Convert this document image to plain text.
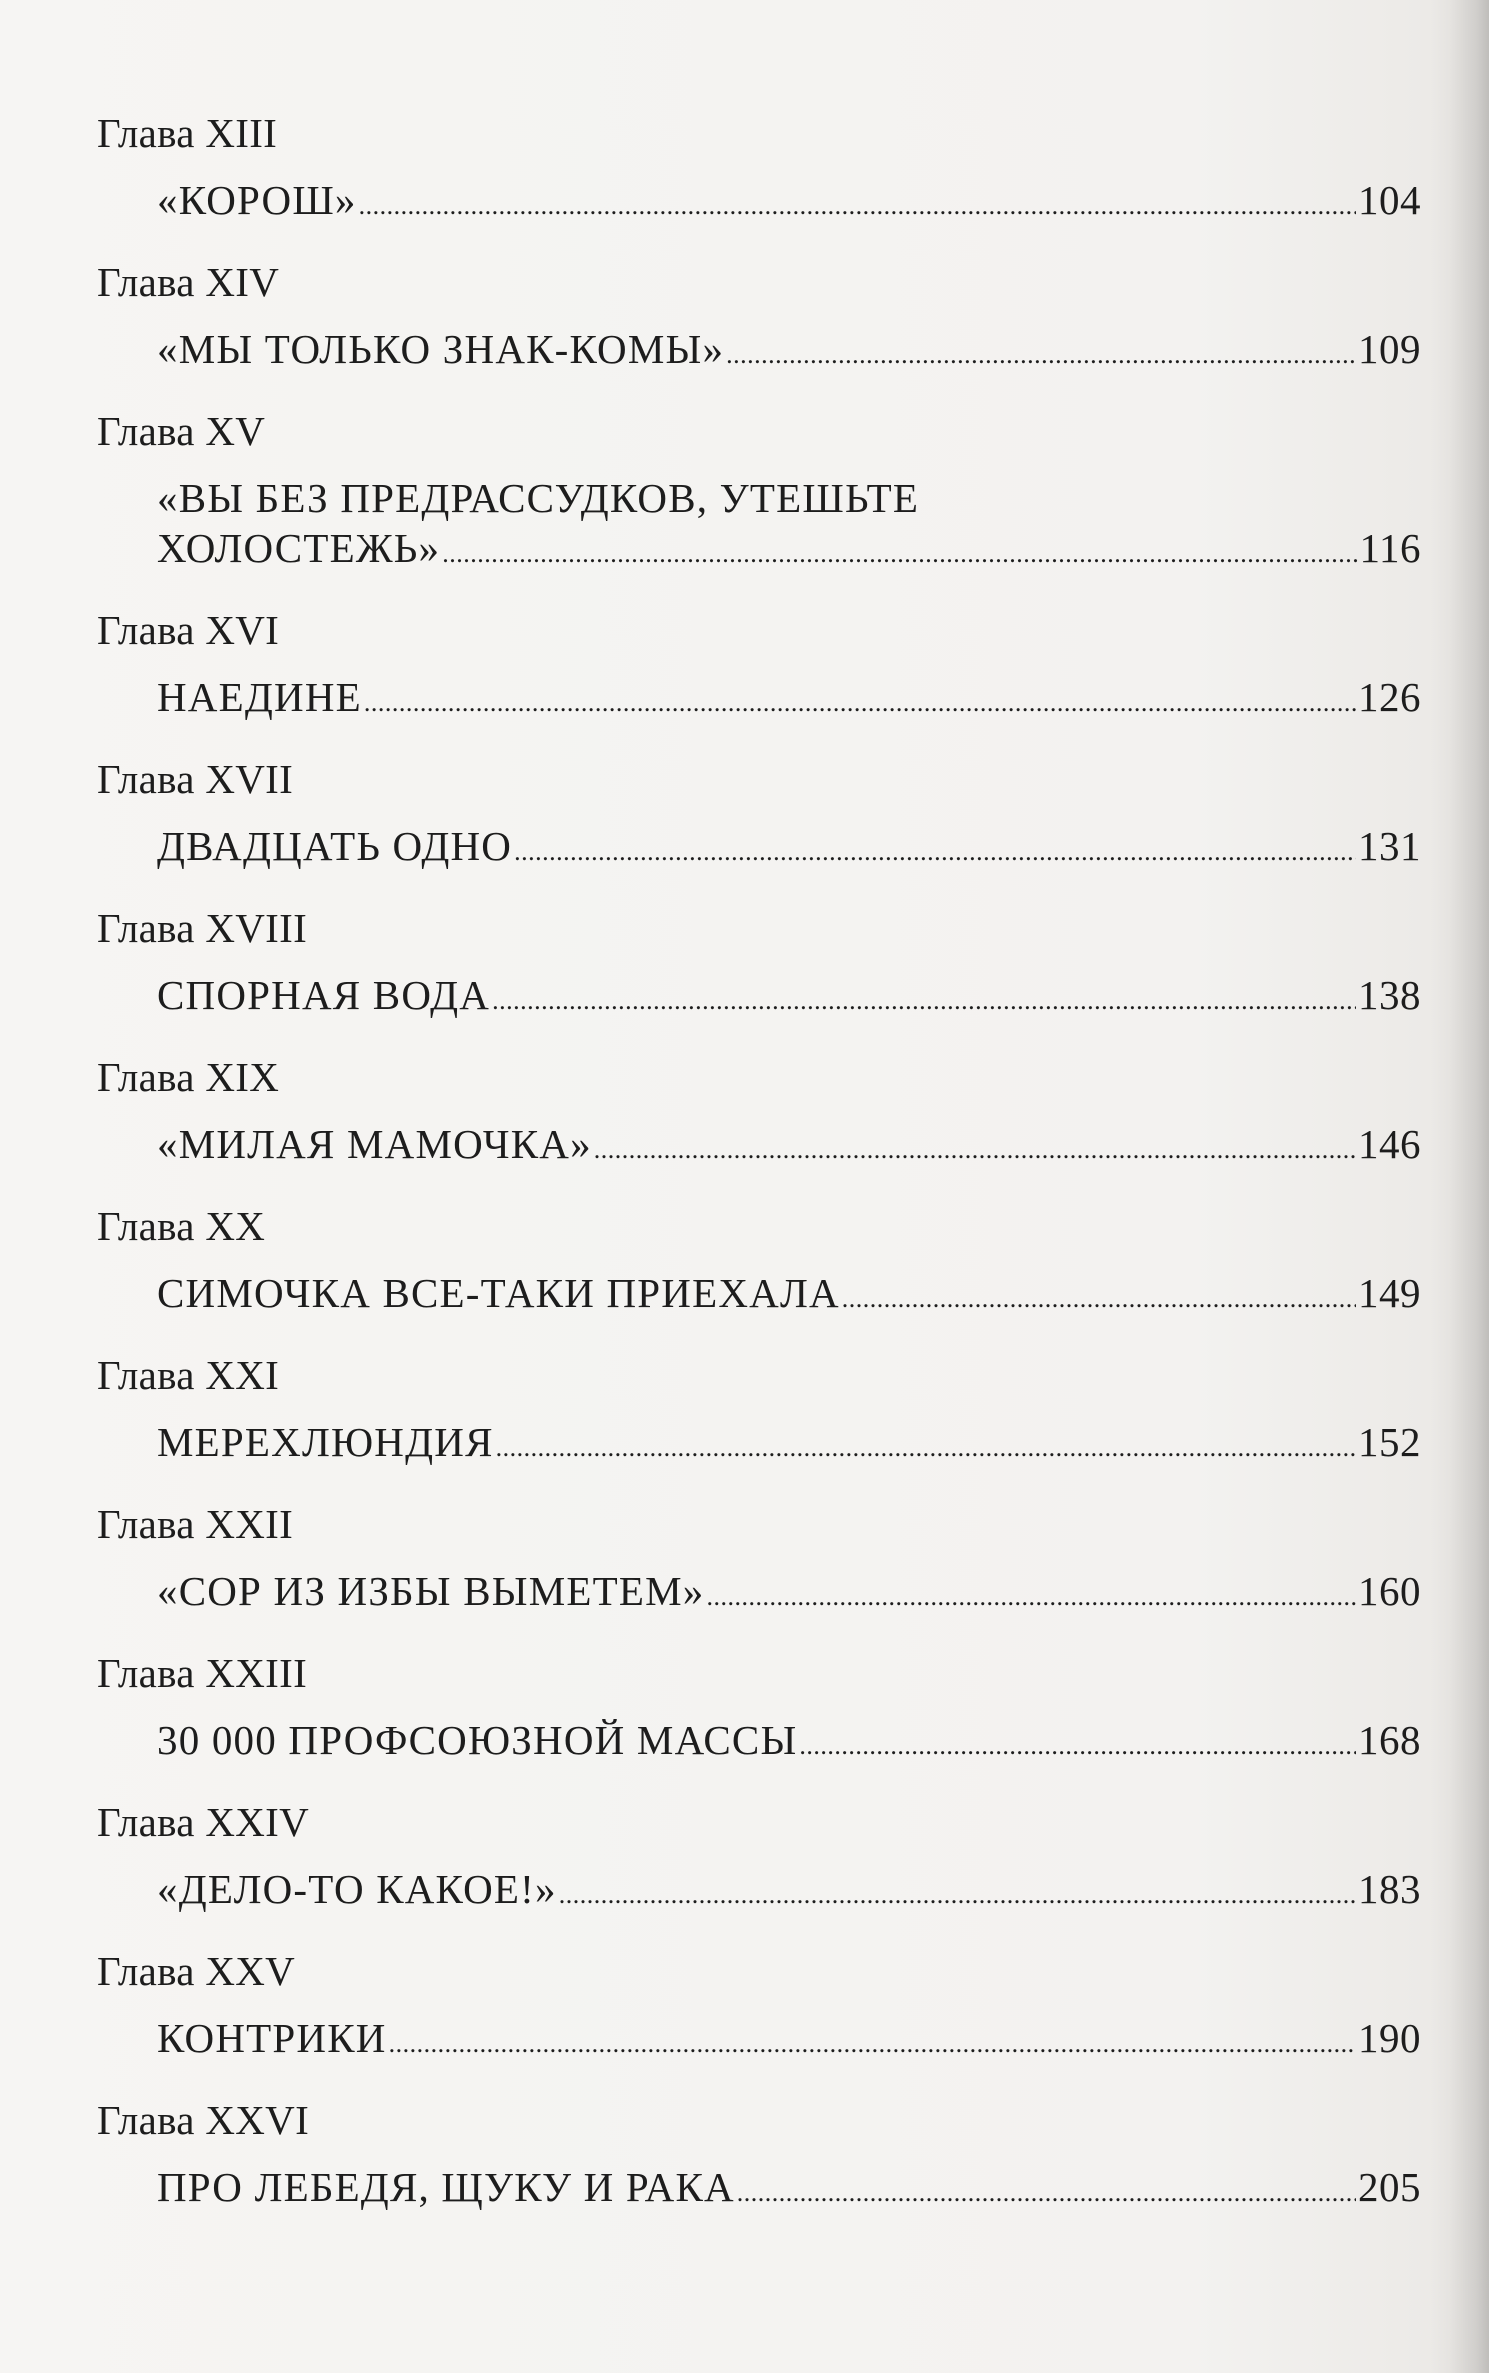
Глава XIII
«КОРОШ» .....	104
Глава XIV
«МЫ ТОЛЬКО ЗНАК-КОМЫ» .....	109
Глава XV
«ВЫ БЕЗ ПРЕДРАССУДКОВ, УТЕШЬТЕ
ХОЛОСТЕЖЬ» .....	116
Глава XVI
НАЕДИНЕ .....	126
Глава XVII
ДВАДЦАТЬ ОДНО .....	131
Глава XVIII
СПОРНАЯ ВОДА .....	138
Глава XIX
«МИЛАЯ МАМОЧКА» .....	146
Глава XX
СИМОЧКА ВСЕ-ТАКИ ПРИЕХАЛА .....	149
Глава XXI
МЕРЕХЛЮНДИЯ .....	152
Глава XXII
«СОР ИЗ ИЗБЫ ВЫМЕТЕМ» .....	160
Глава XXIII
30 000 ПРОФСОЮЗНОЙ МАССЫ .....	168
Глава XXIV
«ДЕЛО-ТО КАКОЕ!» .....	183
Глава XXV
КОНТРИКИ .....	190
Глава XXVI
ПРО ЛЕБЕДЯ, ЩУКУ И РАКА .....	205
